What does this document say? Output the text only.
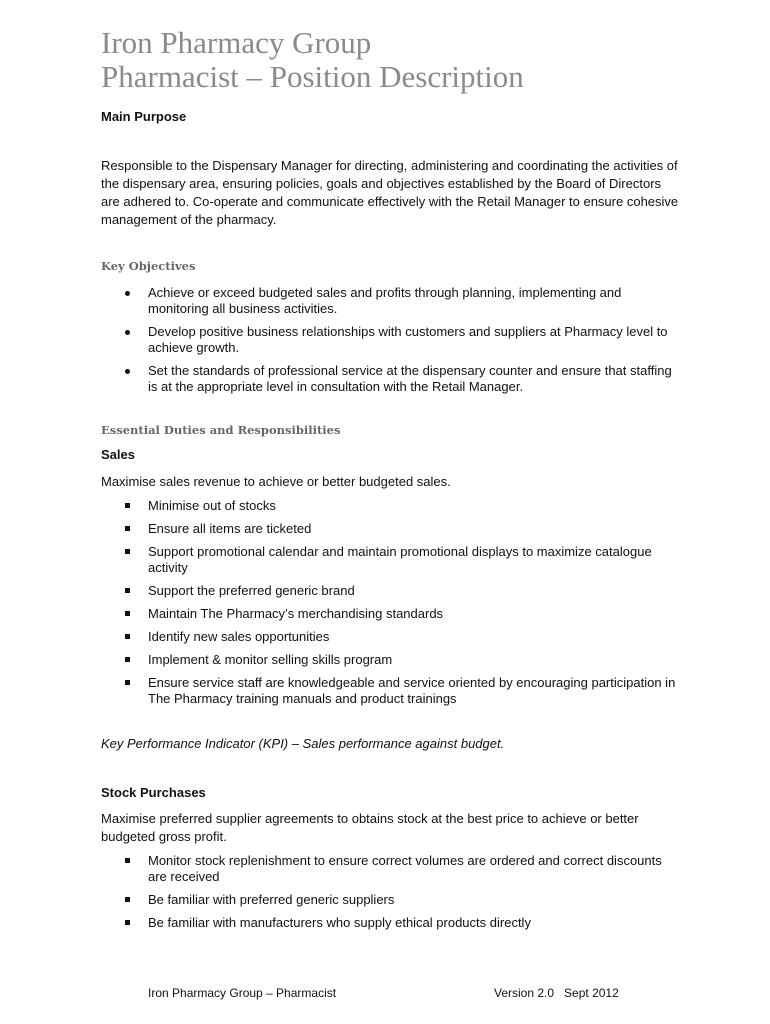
Iron Pharmacy Group
Pharmacist – Position Description
Main Purpose
Responsible to the Dispensary Manager for directing, administering and coordinating the activities of the dispensary area, ensuring policies, goals and objectives established by the Board of Directors are adhered to. Co-operate and communicate effectively with the Retail Manager to ensure cohesive management of the pharmacy.
Key Objectives
Achieve or exceed budgeted sales and profits through planning, implementing and monitoring all business activities.
Develop positive business relationships with customers and suppliers at Pharmacy level to achieve growth.
Set the standards of professional service at the dispensary counter and ensure that staffing is at the appropriate level in consultation with the Retail Manager.
Essential Duties and Responsibilities
Sales
Maximise sales revenue to achieve or better budgeted sales.
Minimise out of stocks
Ensure all items are ticketed
Support promotional calendar and maintain promotional displays to maximize catalogue activity
Support the preferred generic brand
Maintain The Pharmacy’s merchandising standards
Identify new sales opportunities
Implement & monitor selling skills program
Ensure service staff are knowledgeable and service oriented by encouraging participation in The Pharmacy training manuals and product trainings
Key Performance Indicator (KPI) – Sales performance against budget.
Stock Purchases
Maximise preferred supplier agreements to obtains stock at the best price to achieve or better budgeted gross profit.
Monitor stock replenishment to ensure correct volumes are ordered and correct discounts are received
Be familiar with preferred generic suppliers
Be familiar with manufacturers who supply ethical products directly
Iron Pharmacy Group – Pharmacist	Version 2.0   Sept 2012
